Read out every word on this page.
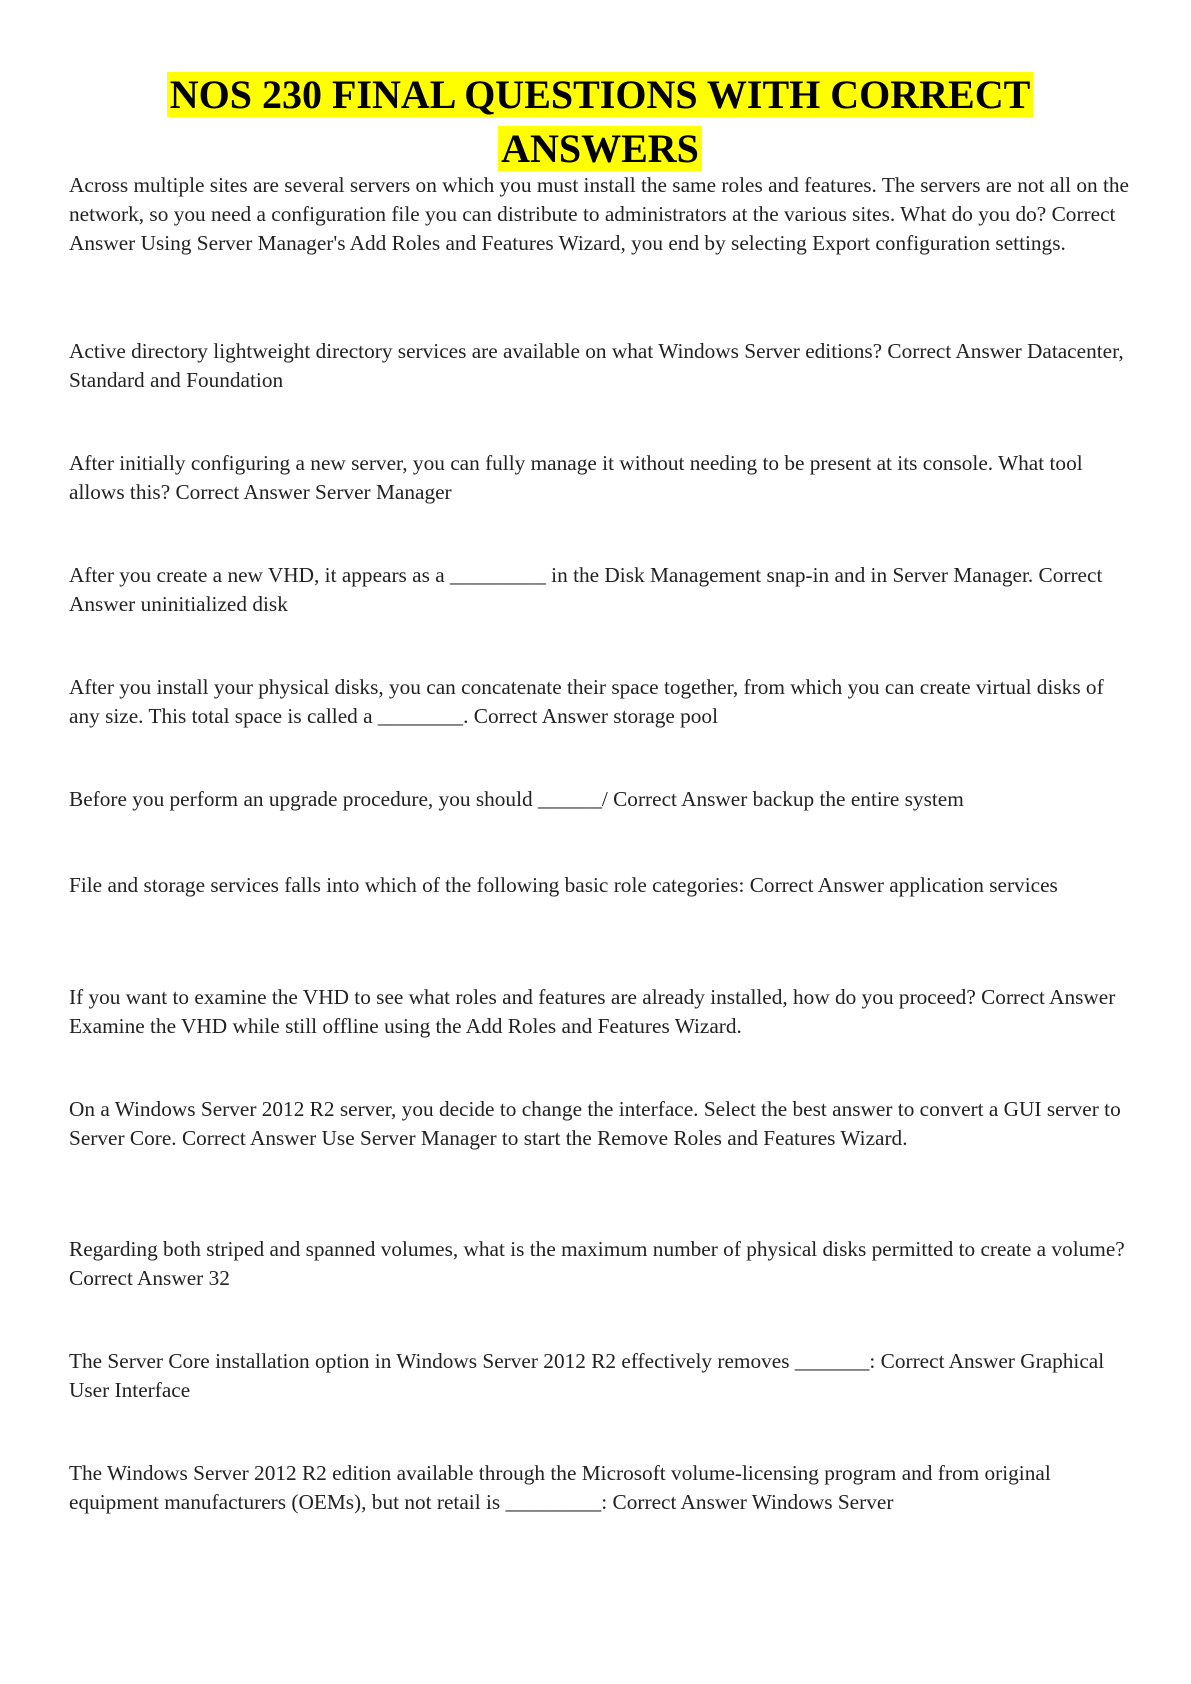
NOS 230 FINAL QUESTIONS WITH CORRECT
ANSWERS

Across multiple sites are several servers on which you must install the same roles and features. The servers are not all on the network, so you need a configuration file you can distribute to administrators at the various sites. What do you do? Correct Answer Using Server Manager's Add Roles and Features Wizard, you end by selecting Export configuration settings.

Active directory lightweight directory services are available on what Windows Server editions? Correct Answer Datacenter, Standard and Foundation

After initially configuring a new server, you can fully manage it without needing to be present at its console. What tool allows this? Correct Answer Server Manager

After you create a new VHD, it appears as a _________ in the Disk Management snap-in and in Server Manager. Correct Answer uninitialized disk

After you install your physical disks, you can concatenate their space together, from which you can create virtual disks of any size. This total space is called a ________. Correct Answer storage pool

Before you perform an upgrade procedure, you should ______/ Correct Answer backup the entire system

File and storage services falls into which of the following basic role categories: Correct Answer application services

If you want to examine the VHD to see what roles and features are already installed, how do you proceed? Correct Answer Examine the VHD while still offline using the Add Roles and Features Wizard.

On a Windows Server 2012 R2 server, you decide to change the interface. Select the best answer to convert a GUI server to Server Core. Correct Answer Use Server Manager to start the Remove Roles and Features Wizard.

Regarding both striped and spanned volumes, what is the maximum number of physical disks permitted to create a volume? Correct Answer 32

The Server Core installation option in Windows Server 2012 R2 effectively removes _______: Correct Answer Graphical User Interface

The Windows Server 2012 R2 edition available through the Microsoft volume-licensing program and from original equipment manufacturers (OEMs), but not retail is _________: Correct Answer Windows Server
